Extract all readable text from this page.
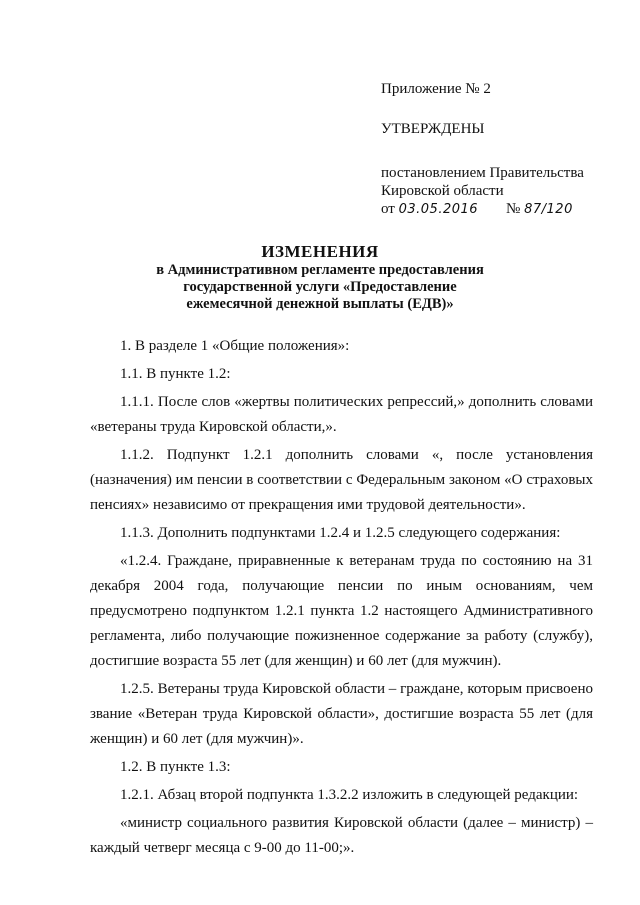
Приложение № 2

УТВЕРЖДЕНЫ

постановлением Правительства

Кировской области

от
03.05.2016 №
87/120
ИЗМЕНЕНИЯ
в Административном регламенте предоставления
государственной услуги «Предоставление
ежемесячной денежной выплаты (ЕДВ)»

1. В разделе 1 «Общие положения»:

1.1. В пункте 1.2:

1.1.1. После слов «жертвы политических репрессий,» дополнить словами «ветераны труда Кировской области,».

1.1.2. Подпункт 1.2.1 дополнить словами «, после установления (назначения) им пенсии в соответствии с Федеральным законом «О страховых пенсиях» независимо от прекращения ими трудовой деятельности».

1.1.3. Дополнить подпунктами 1.2.4 и 1.2.5 следующего содержания:

«1.2.4. Граждане, приравненные к ветеранам труда по состоянию на 31 декабря 2004 года, получающие пенсии по иным основаниям, чем предусмотрено подпунктом 1.2.1 пункта 1.2 настоящего Административного регламента, либо получающие пожизненное содержание за работу (службу), достигшие возраста 55 лет (для женщин) и 60 лет (для мужчин).

1.2.5. Ветераны труда Кировской области – граждане, которым присвоено звание «Ветеран труда Кировской области», достигшие возраста 55 лет (для женщин) и 60 лет (для мужчин)».

1.2. В пункте 1.3:

1.2.1. Абзац второй подпункта 1.3.2.2 изложить в следующей редакции:

«министр социального развития Кировской области (далее – министр) – каждый четверг месяца с 9-00 до 11-00;».
